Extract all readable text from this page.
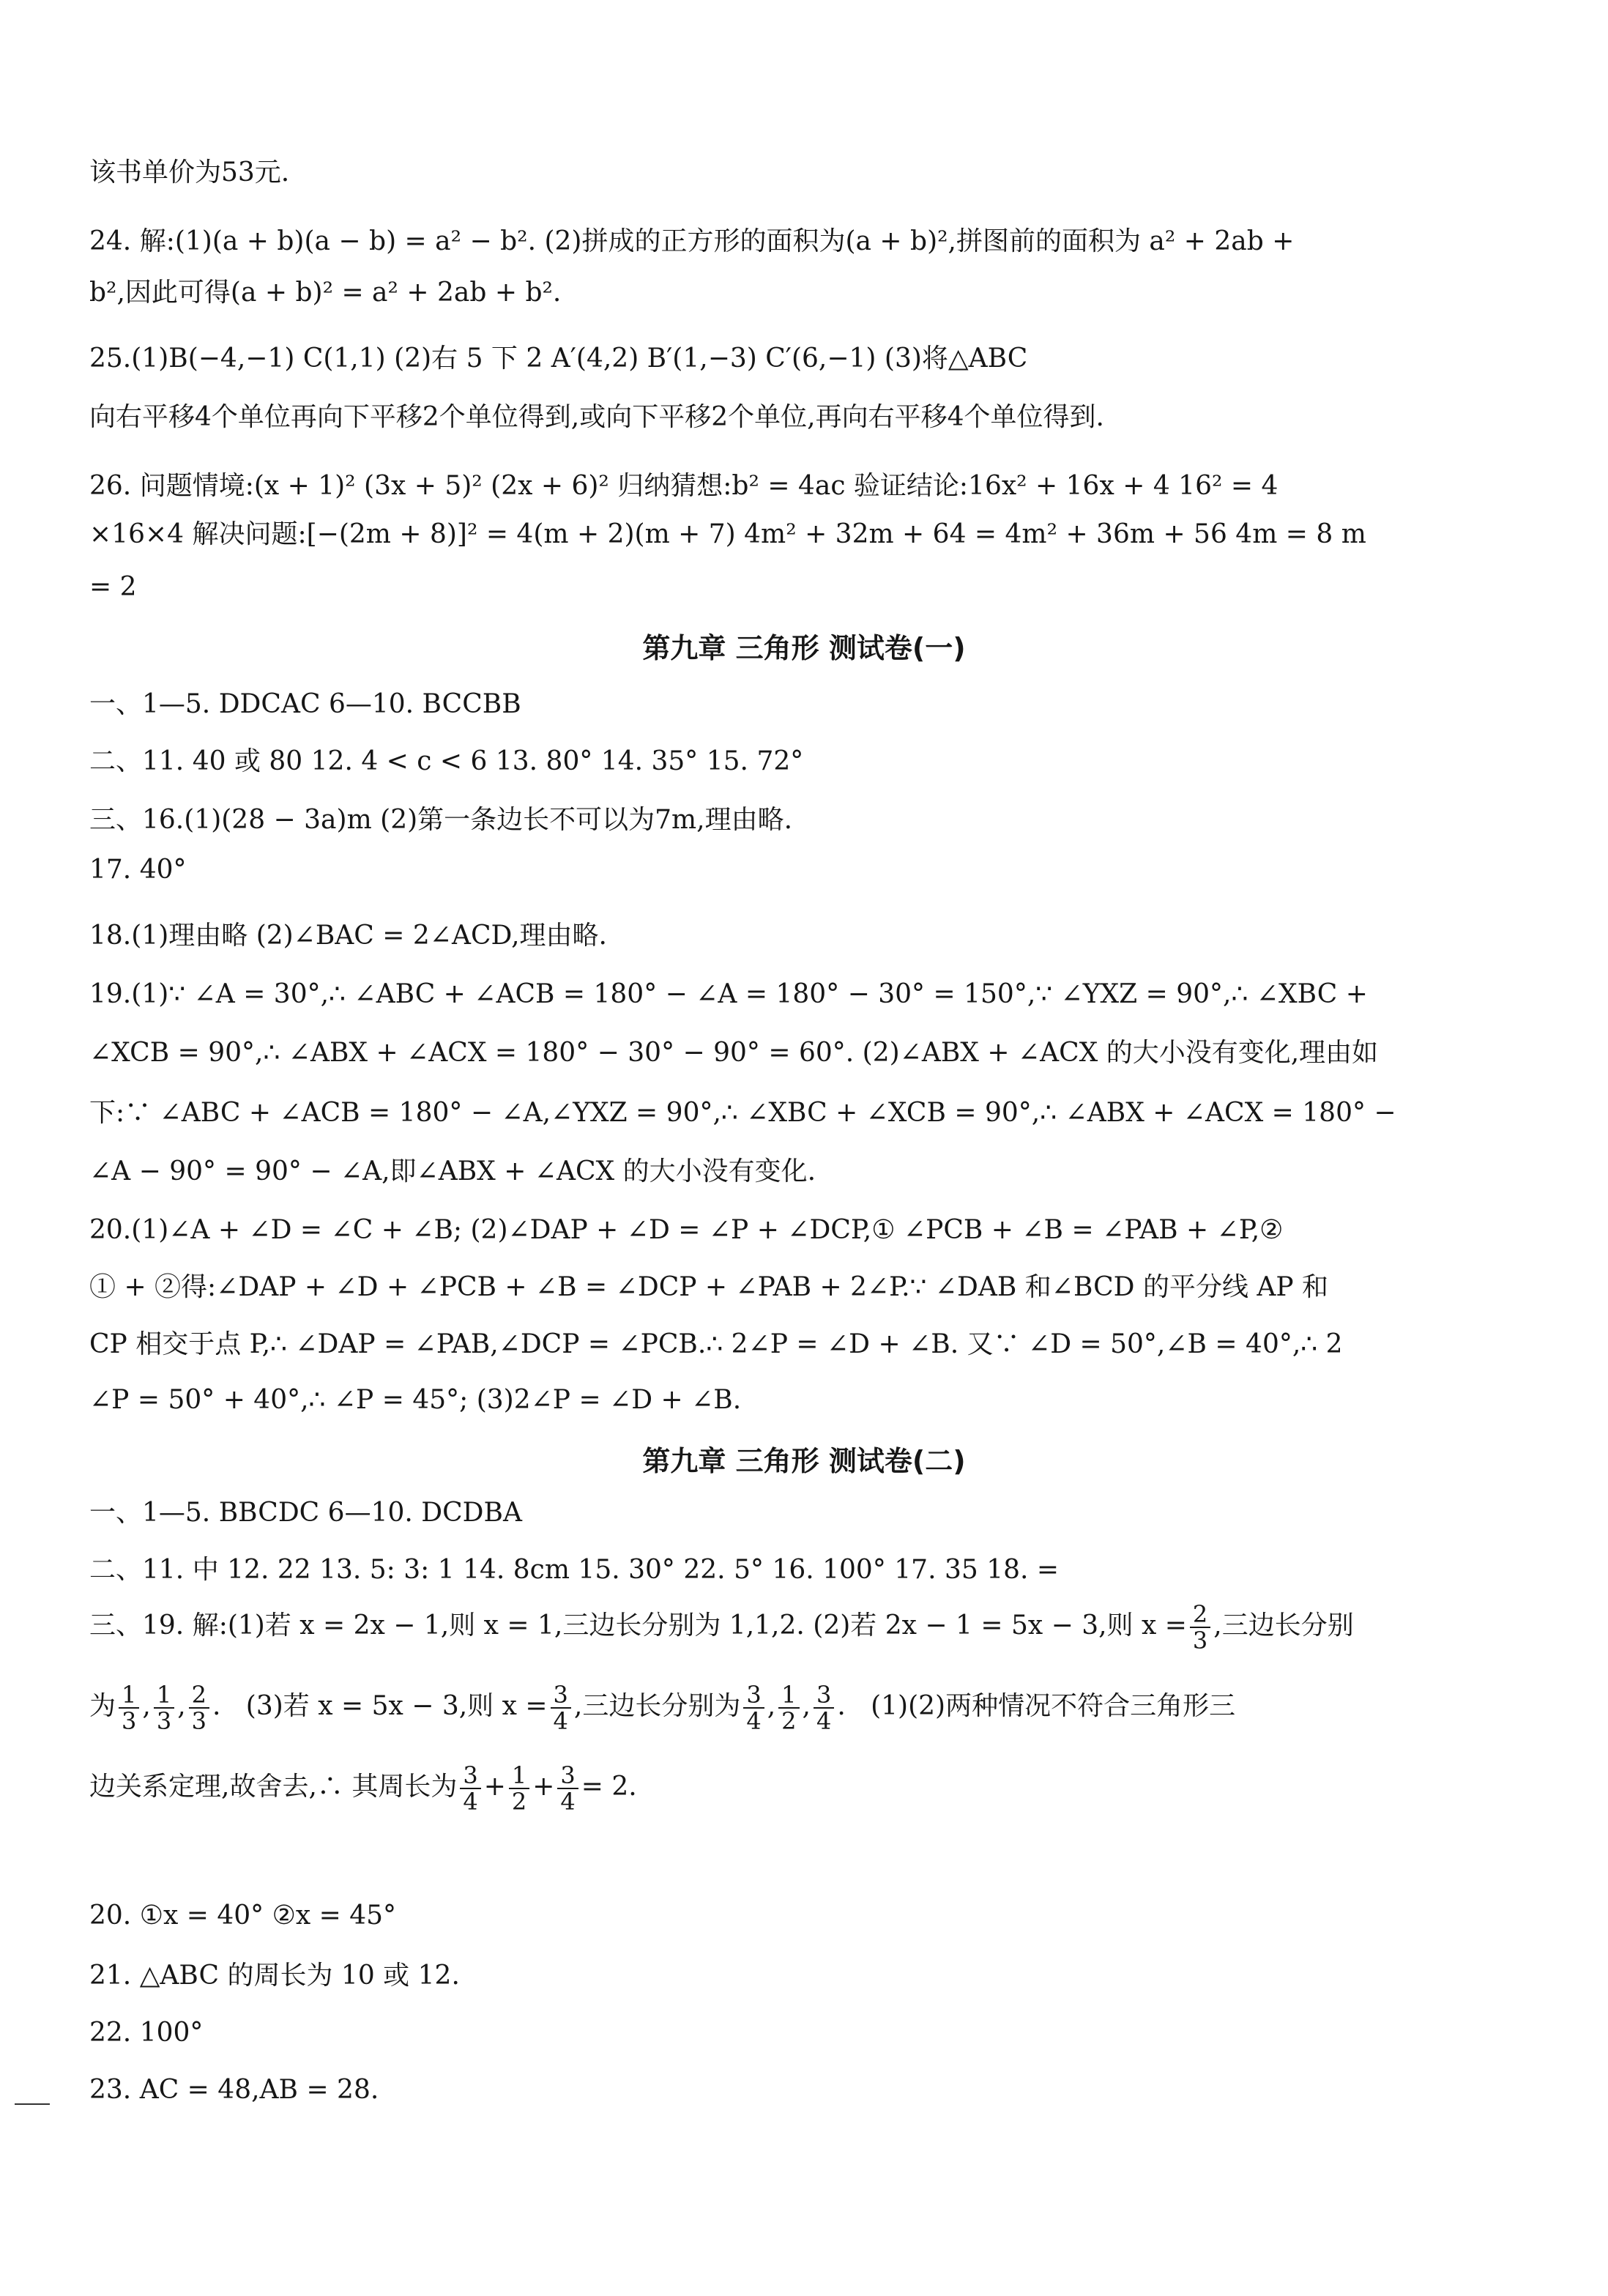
该书单价为53元.
24. 解:(1)(a + b)(a − b) = a² − b². (2)拼成的正方形的面积为(a + b)²,拼图前的面积为 a² + 2ab +
b²,因此可得(a + b)² = a² + 2ab + b².
25.(1)B(−4,−1) C(1,1) (2)右 5 下 2 A′(4,2) B′(1,−3) C′(6,−1) (3)将△ABC
向右平移4个单位再向下平移2个单位得到,或向下平移2个单位,再向右平移4个单位得到.
26. 问题情境:(x + 1)² (3x + 5)² (2x + 6)² 归纳猜想:b² = 4ac 验证结论:16x² + 16x + 4 16² = 4
×16×4 解决问题:[−(2m + 8)]² = 4(m + 2)(m + 7) 4m² + 32m + 64 = 4m² + 36m + 56 4m = 8 m
= 2
第九章 三角形 测试卷(一)
一、1—5. DDCAC 6—10. BCCBB
二、11. 40 或 80 12. 4 < c < 6 13. 80° 14. 35° 15. 72°
三、16.(1)(28 − 3a)m (2)第一条边长不可以为7m,理由略.
17. 40°
18.(1)理由略 (2)∠BAC = 2∠ACD,理由略.
19.(1)∵ ∠A = 30°,∴ ∠ABC + ∠ACB = 180° − ∠A = 180° − 30° = 150°,∵ ∠YXZ = 90°,∴ ∠XBC +
∠XCB = 90°,∴ ∠ABX + ∠ACX = 180° − 30° − 90° = 60°. (2)∠ABX + ∠ACX 的大小没有变化,理由如
下:∵ ∠ABC + ∠ACB = 180° − ∠A,∠YXZ = 90°,∴ ∠XBC + ∠XCB = 90°,∴ ∠ABX + ∠ACX = 180° −
∠A − 90° = 90° − ∠A,即∠ABX + ∠ACX 的大小没有变化.
20.(1)∠A + ∠D = ∠C + ∠B; (2)∠DAP + ∠D = ∠P + ∠DCP,① ∠PCB + ∠B = ∠PAB + ∠P,②
① + ②得:∠DAP + ∠D + ∠PCB + ∠B = ∠DCP + ∠PAB + 2∠P.∵ ∠DAB 和∠BCD 的平分线 AP 和
CP 相交于点 P,∴ ∠DAP = ∠PAB,∠DCP = ∠PCB.∴ 2∠P = ∠D + ∠B. 又∵ ∠D = 50°,∠B = 40°,∴ 2
∠P = 50° + 40°,∴ ∠P = 45°; (3)2∠P = ∠D + ∠B.
第九章 三角形 测试卷(二)
一、1—5. BBCDC 6—10. DCDBA
二、11. 中 12. 22 13. 5: 3: 1 14. 8cm 15. 30° 22. 5° 16. 100° 17. 35 18. =
三、19. 解:(1)若 x = 2x − 1,则 x = 1,三边长分别为 1,1,2. (2)若 2x − 1 = 5x − 3,则 $x = \frac{2}{3}$ ,三边长分别
为 $\frac{1}{3}$ , $\frac{1}{3}$ , $\frac{2}{3}$ .   (3)若 x = 5x − 3,则 $x = \frac{3}{4}$ ,三边长分别为 $\frac{3}{4}$ , $\frac{1}{2}$ , $\frac{3}{4}$ .   (1)(2)两种情况不符合三角形三
边关系定理,故舍去,∴ 其周长为 $\frac{3}{4} + \frac{1}{2} + \frac{3}{4} = 2$.
20. ①x = 40° ②x = 45°
21. △ABC 的周长为 10 或 12.
22. 100°
23. AC = 48,AB = 28.
